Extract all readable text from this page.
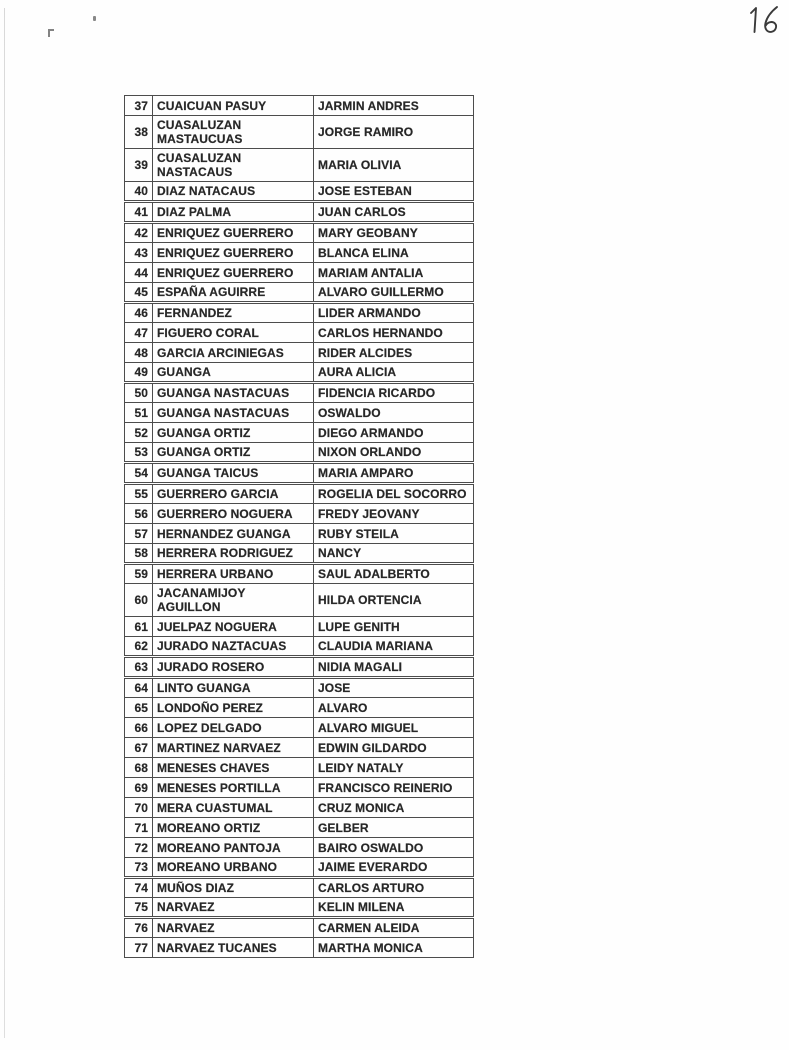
37	CUAICUAN PASUY	JARMIN ANDRES
38	CUASALUZAN MASTAUCUAS	JORGE RAMIRO
39	CUASALUZAN NASTACAUS	MARIA OLIVIA
40	DIAZ NATACAUS	JOSE ESTEBAN
41	DIAZ PALMA	JUAN CARLOS
42	ENRIQUEZ GUERRERO	MARY GEOBANY
43	ENRIQUEZ GUERRERO	BLANCA ELINA
44	ENRIQUEZ GUERRERO	MARIAM ANTALIA
45	ESPAÑA AGUIRRE	ALVARO GUILLERMO
46	FERNANDEZ	LIDER ARMANDO
47	FIGUERO CORAL	CARLOS HERNANDO
48	GARCIA ARCINIEGAS	RIDER ALCIDES
49	GUANGA	AURA ALICIA
50	GUANGA NASTACUAS	FIDENCIA RICARDO
51	GUANGA NASTACUAS	OSWALDO
52	GUANGA ORTIZ	DIEGO ARMANDO
53	GUANGA ORTIZ	NIXON ORLANDO
54	GUANGA TAICUS	MARIA AMPARO
55	GUERRERO GARCIA	ROGELIA DEL SOCORRO
56	GUERRERO NOGUERA	FREDY JEOVANY
57	HERNANDEZ GUANGA	RUBY STEILA
58	HERRERA RODRIGUEZ	NANCY
59	HERRERA URBANO	SAUL ADALBERTO
60	JACANAMIJOY AGUILLON	HILDA ORTENCIA
61	JUELPAZ NOGUERA	LUPE GENITH
62	JURADO NAZTACUAS	CLAUDIA MARIANA
63	JURADO ROSERO	NIDIA MAGALI
64	LINTO GUANGA	JOSE
65	LONDOÑO PEREZ	ALVARO
66	LOPEZ DELGADO	ALVARO MIGUEL
67	MARTINEZ NARVAEZ	EDWIN GILDARDO
68	MENESES CHAVES	LEIDY NATALY
69	MENESES PORTILLA	FRANCISCO REINERIO
70	MERA CUASTUMAL	CRUZ MONICA
71	MOREANO ORTIZ	GELBER
72	MOREANO PANTOJA	BAIRO OSWALDO
73	MOREANO URBANO	JAIME EVERARDO
74	MUÑOS DIAZ	CARLOS ARTURO
75	NARVAEZ	KELIN MILENA
76	NARVAEZ	CARMEN ALEIDA
77	NARVAEZ TUCANES	MARTHA MONICA
